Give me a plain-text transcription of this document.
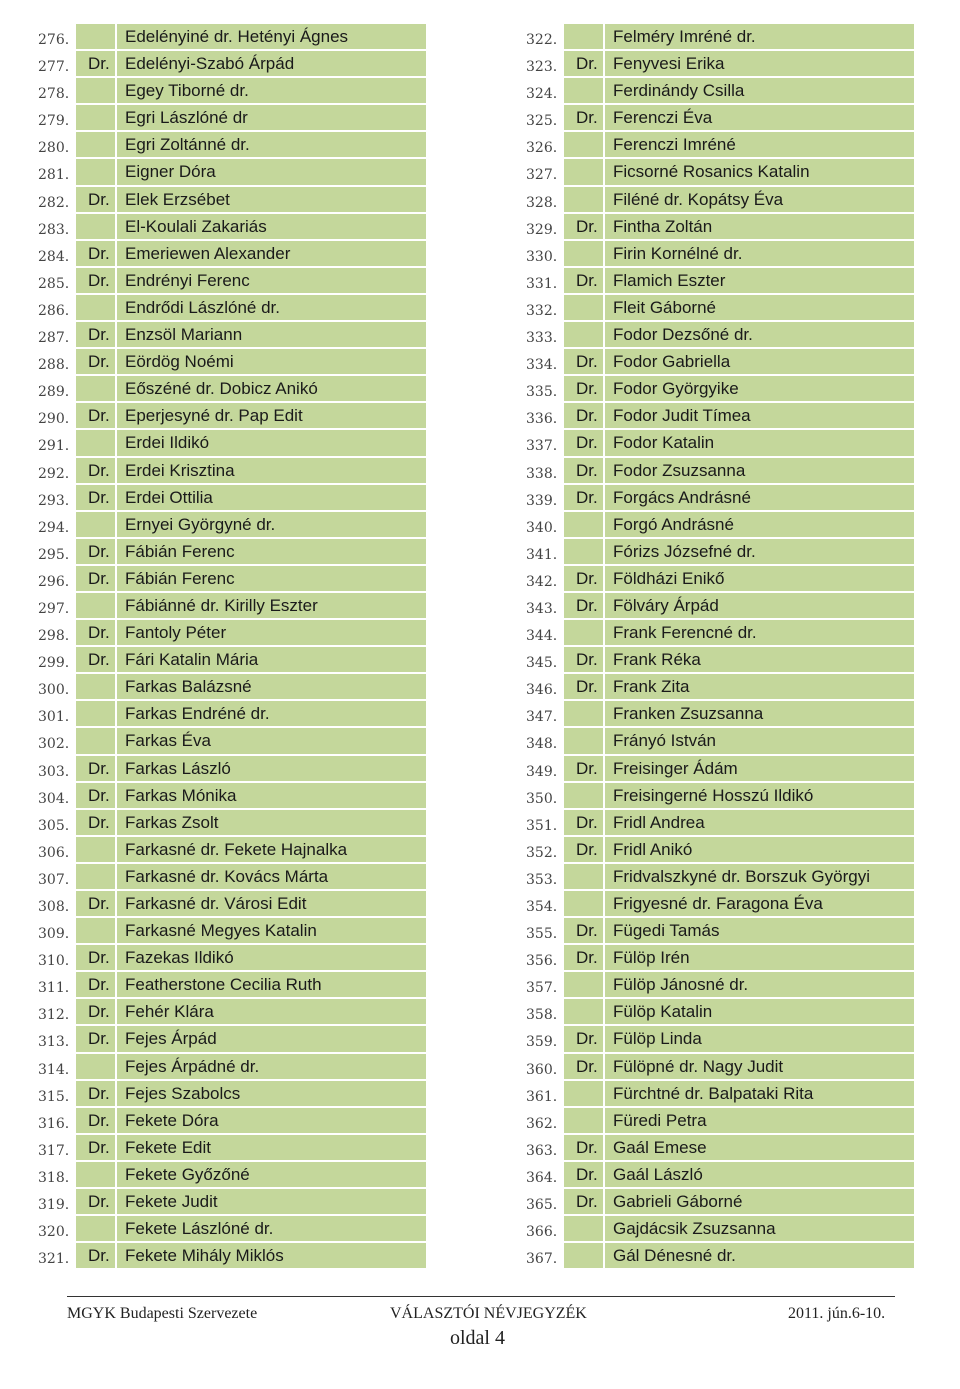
276.	Edelényiné dr. Hetényi Ágnes
277.	Dr. Edelényi-Szabó Árpád
278.	Egey Tiborné dr.
279.	Egri Lászlóné dr
280.	Egri Zoltánné dr.
281.	Eigner Dóra
282.	Dr. Elek Erzsébet
283.	El-Koulali Zakariás
284.	Dr. Emeriewen Alexander
285.	Dr. Endrényi Ferenc
286.	Endrődi Lászlóné dr.
287.	Dr. Enzsöl Mariann
288.	Dr. Eördög Noémi
289.	Eőszéné dr. Dobicz Anikó
290.	Dr. Eperjesyné dr. Pap Edit
291.	Erdei Ildikó
292.	Dr. Erdei Krisztina
293.	Dr. Erdei Ottilia
294.	Ernyei Györgyné dr.
295.	Dr. Fábián Ferenc
296.	Dr. Fábián Ferenc
297.	Fábiánné dr. Kirilly Eszter
298.	Dr. Fantoly Péter
299.	Dr. Fári Katalin Mária
300.	Farkas Balázsné
301.	Farkas Endréné dr.
302.	Farkas Éva
303.	Dr. Farkas László
304.	Dr. Farkas Mónika
305.	Dr. Farkas Zsolt
306.	Farkasné dr. Fekete Hajnalka
307.	Farkasné dr. Kovács Márta
308.	Dr. Farkasné dr. Városi Edit
309.	Farkasné Megyes Katalin
310.	Dr. Fazekas Ildikó
311.	Dr. Featherstone Cecilia Ruth
312.	Dr. Fehér Klára
313.	Dr. Fejes Árpád
314.	Fejes Árpádné dr.
315.	Dr. Fejes Szabolcs
316.	Dr. Fekete Dóra
317.	Dr. Fekete Edit
318.	Fekete Győzőné
319.	Dr. Fekete Judit
320.	Fekete Lászlóné dr.
321.	Dr. Fekete Mihály Miklós
322.	Felméry Imréné dr.
323.	Dr. Fenyvesi Erika
324.	Ferdinándy Csilla
325.	Dr. Ferenczi Éva
326.	Ferenczi Imréné
327.	Ficsorné Rosanics Katalin
328.	Filéné dr. Kopátsy Éva
329.	Dr. Fintha Zoltán
330.	Firin Kornélné dr.
331.	Dr. Flamich Eszter
332.	Fleit Gáborné
333.	Fodor Dezsőné dr.
334.	Dr. Fodor Gabriella
335.	Dr. Fodor Györgyike
336.	Dr. Fodor Judit Tímea
337.	Dr. Fodor Katalin
338.	Dr. Fodor Zsuzsanna
339.	Dr. Forgács Andrásné
340.	Forgó Andrásné
341.	Fórizs Józsefné dr.
342.	Dr. Földházi Enikő
343.	Dr. Fölváry Árpád
344.	Frank Ferencné dr.
345.	Dr. Frank Réka
346.	Dr. Frank Zita
347.	Franken Zsuzsanna
348.	Frányó István
349.	Dr. Freisinger Ádám
350.	Freisingerné Hosszú Ildikó
351.	Dr. Fridl Andrea
352.	Dr. Fridl Anikó
353.	Fridvalszkyné dr. Borszuk Györgyi
354.	Frigyesné dr. Faragona Éva
355.	Dr. Fügedi Tamás
356.	Dr. Fülöp Irén
357.	Fülöp Jánosné dr.
358.	Fülöp Katalin
359.	Dr. Fülöp Linda
360.	Dr. Fülöpné dr. Nagy Judit
361.	Fürchtné dr. Balpataki Rita
362.	Füredi Petra
363.	Dr. Gaál Emese
364.	Dr. Gaál László
365.	Dr. Gabrieli Gáborné
366.	Gajdácsik Zsuzsanna
367.	Gál Dénesné dr.
MGYK Budapesti Szervezete	VÁLASZTÓI NÉVJEGYZÉK	2011. jún.6-10.
oldal 4
